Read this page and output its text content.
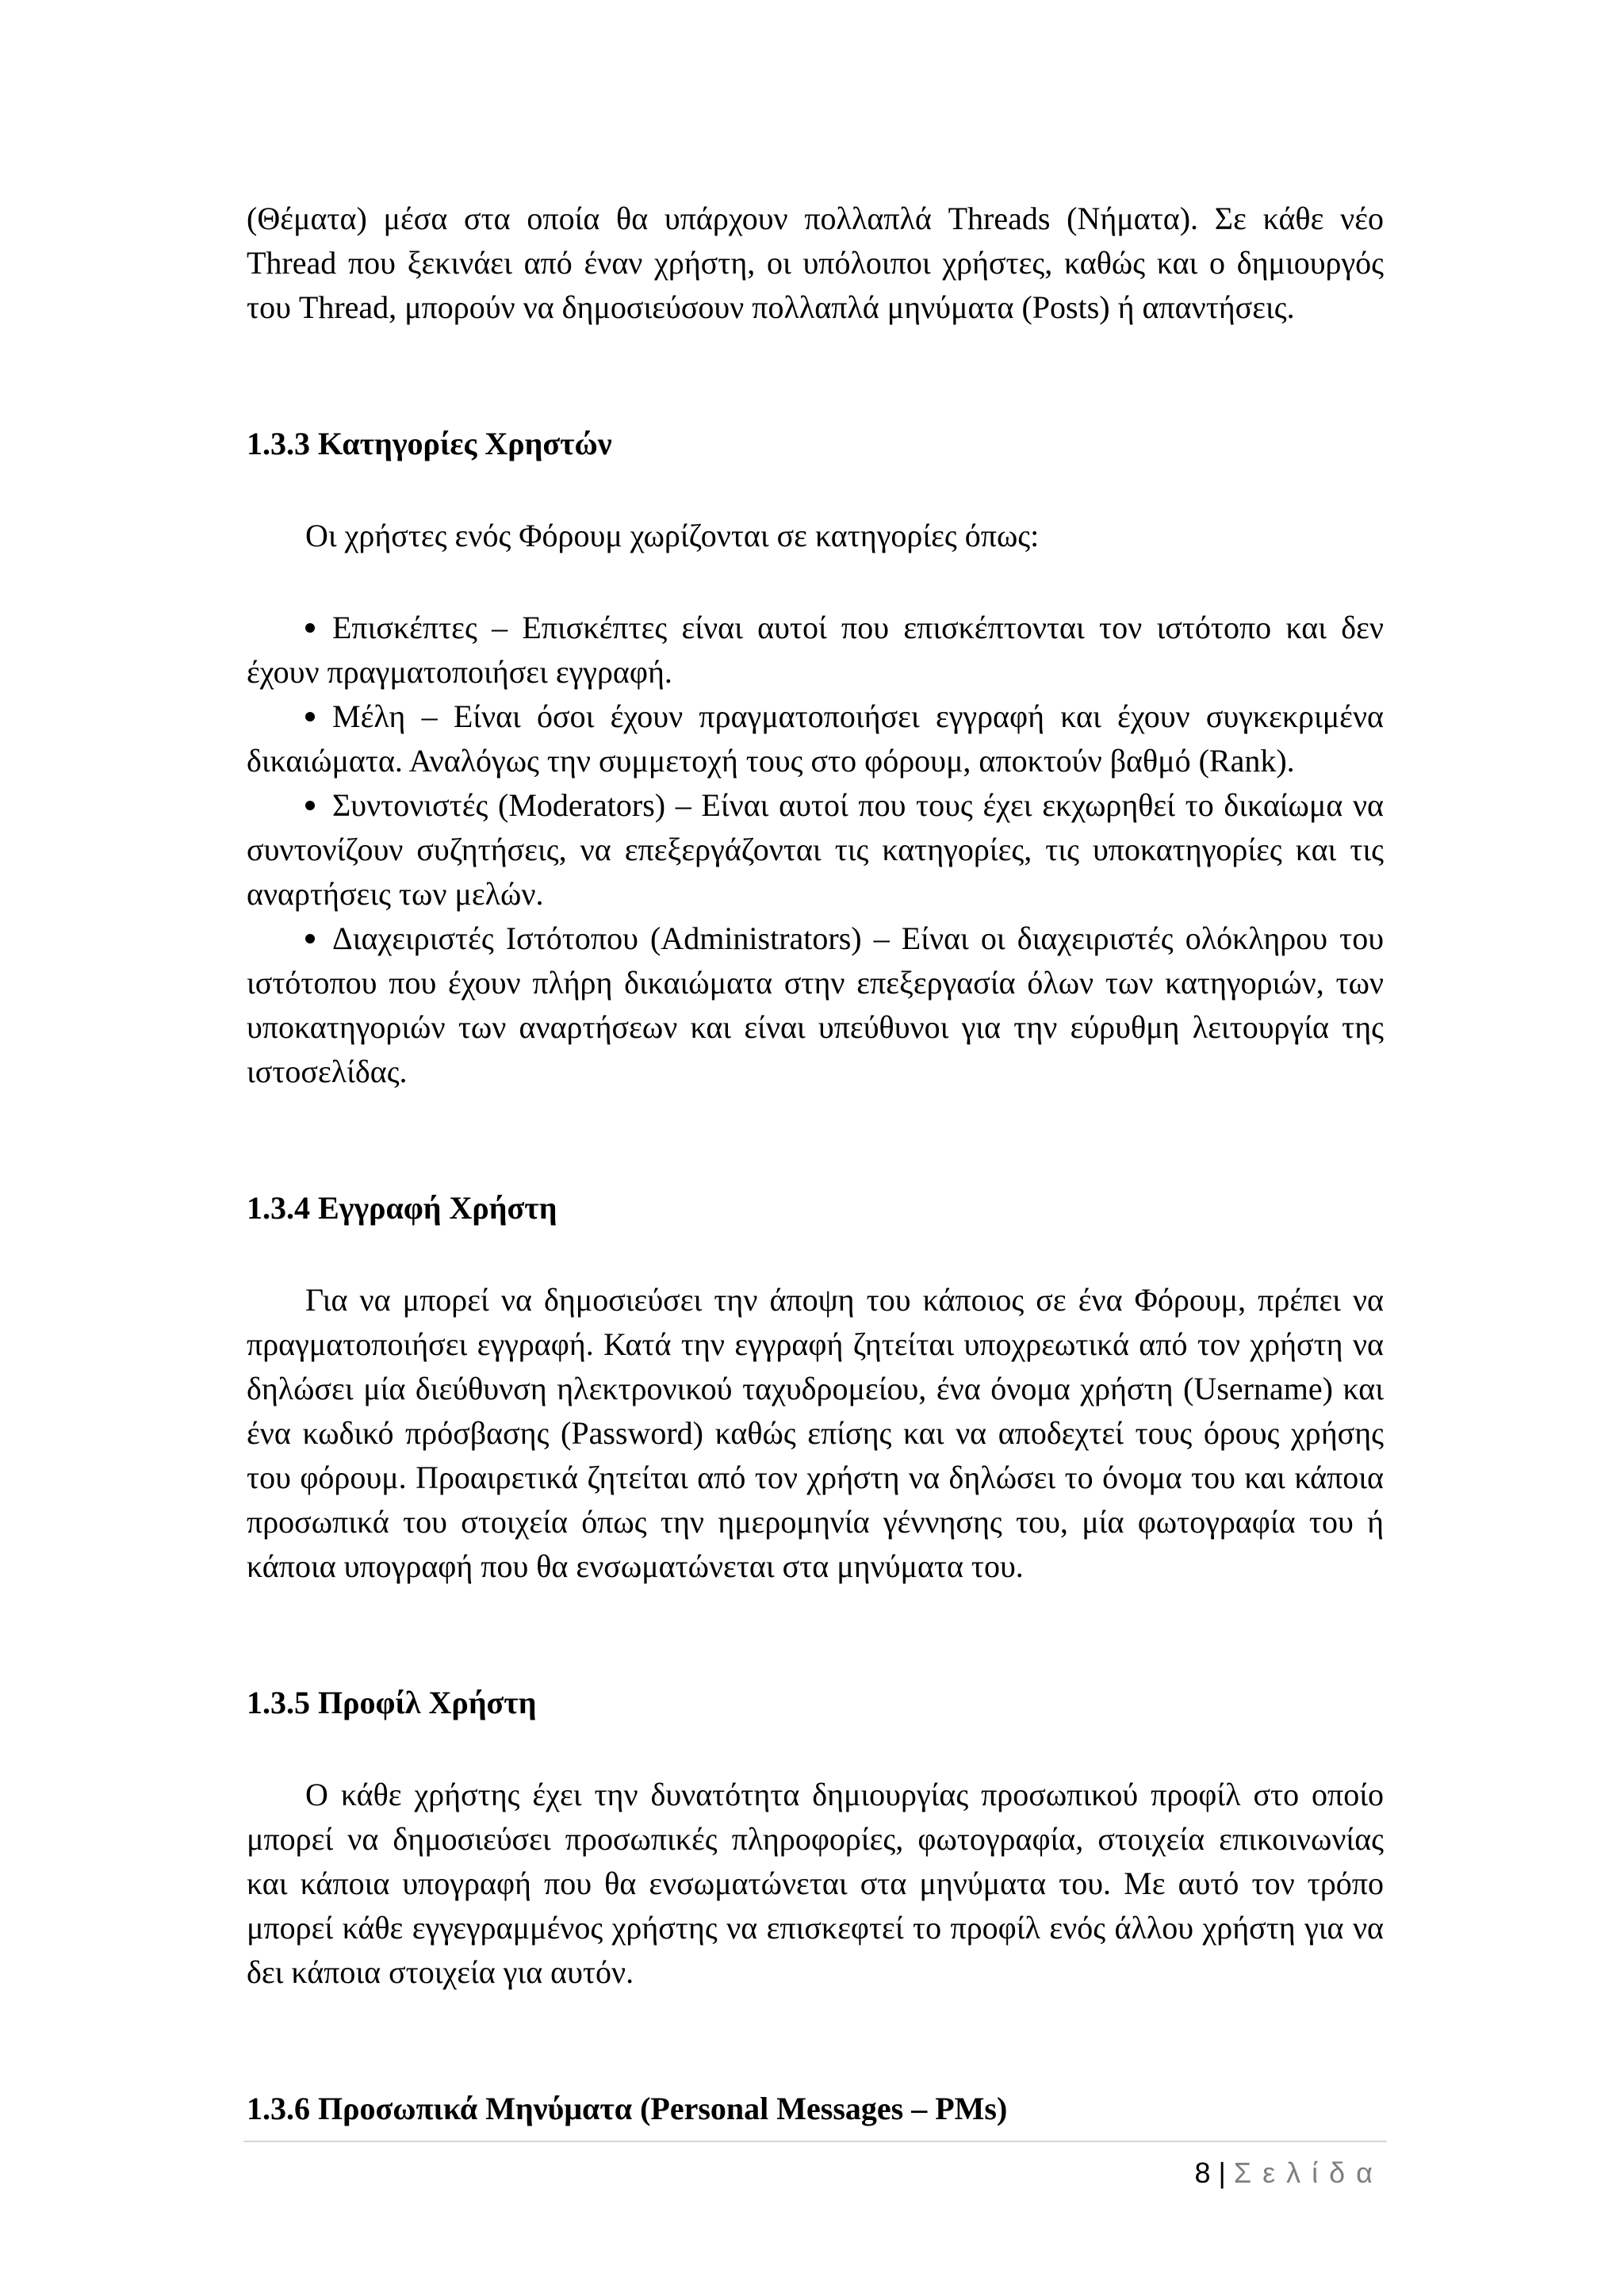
(Θέματα) μέσα στα οποία θα υπάρχουν πολλαπλά Threads (Νήματα). Σε κάθε νέο Thread που ξεκινάει από έναν χρήστη, οι υπόλοιποι χρήστες, καθώς και ο δημιουργός του Thread, μπορούν να δημοσιεύσουν πολλαπλά μηνύματα (Posts) ή απαντήσεις.

1.3.3 Κατηγορίες Χρηστών

Οι χρήστες ενός Φόρουμ χωρίζονται σε κατηγορίες όπως:

Επισκέπτες – Επισκέπτες είναι αυτοί που επισκέπτονται τον ιστότοπο και δεν έχουν πραγματοποιήσει εγγραφή.

Μέλη – Είναι όσοι έχουν πραγματοποιήσει εγγραφή και έχουν συγκεκριμένα δικαιώματα. Αναλόγως την συμμετοχή τους στο φόρουμ, αποκτούν βαθμό (Rank).

Συντονιστές (Moderators) – Είναι αυτοί που τους έχει εκχωρηθεί το δικαίωμα να συντονίζουν συζητήσεις, να επεξεργάζονται τις κατηγορίες, τις υποκατηγορίες και τις αναρτήσεις των μελών.

Διαχειριστές Ιστότοπου (Administrators) – Είναι οι διαχειριστές ολόκληρου του ιστότοπου που έχουν πλήρη δικαιώματα στην επεξεργασία όλων των κατηγοριών, των υποκατηγοριών των αναρτήσεων και είναι υπεύθυνοι για την εύρυθμη λειτουργία της ιστοσελίδας.

1.3.4 Εγγραφή Χρήστη

Για να μπορεί να δημοσιεύσει την άποψη του κάποιος σε ένα Φόρουμ, πρέπει να πραγματοποιήσει εγγραφή. Κατά την εγγραφή ζητείται υποχρεωτικά από τον χρήστη να δηλώσει μία διεύθυνση ηλεκτρονικού ταχυδρομείου, ένα όνομα χρήστη (Username) και ένα κωδικό πρόσβασης (Password) καθώς επίσης και να αποδεχτεί τους όρους χρήσης του φόρουμ. Προαιρετικά ζητείται από τον χρήστη να δηλώσει το όνομα του και κάποια προσωπικά του στοιχεία όπως την ημερομηνία γέννησης του, μία φωτογραφία του ή κάποια υπογραφή που θα ενσωματώνεται στα μηνύματα του.

1.3.5 Προφίλ Χρήστη

Ο κάθε χρήστης έχει την δυνατότητα δημιουργίας προσωπικού προφίλ στο οποίο μπορεί να δημοσιεύσει προσωπικές πληροφορίες, φωτογραφία, στοιχεία επικοινωνίας και κάποια υπογραφή που θα ενσωματώνεται στα μηνύματα του. Με αυτό τον τρόπο μπορεί κάθε εγγεγραμμένος χρήστης να επισκεφτεί το προφίλ ενός άλλου χρήστη για να δει κάποια στοιχεία για αυτόν.

1.3.6 Προσωπικά Μηνύματα (Personal Messages – PMs)
8 | Σελίδα
